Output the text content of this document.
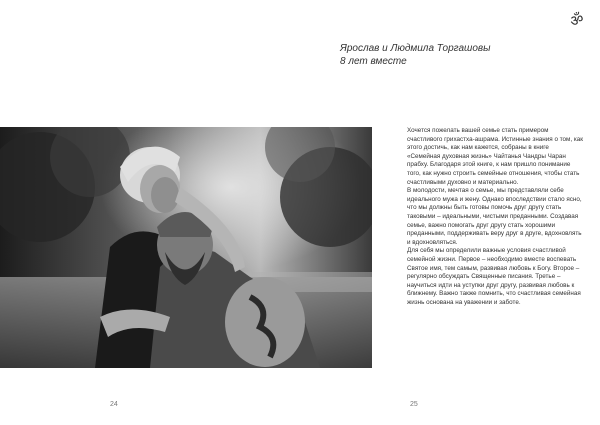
ॐ
Ярослав и Людмила Торгашовы
8 лет вместе

Хочется пожелать вашей семье стать примером счастливого грихастха-ашрама. Истинные знания о том, как этого достичь, как нам кажется, собраны в книге «Семейная духовная жизнь» Чайтанья Чандры Чаран прабху. Благодаря этой книге, к нам пришло понимание того, как нужно строить семейные отношения, чтобы стать счастливыми духовно и материально.

В молодости, мечтая о семье, мы представляли себе идеального мужа и жену. Однако впоследствии стало ясно, что мы должны быть готовы помочь друг другу стать таковыми – идеальными, чистыми преданными. Создавая семье, важно помогать друг другу стать хорошими преданными, поддерживать веру друг в друге, вдохновлять и вдохновляться.

Для себя мы определили важные условия счастливой семейной жизни. Первое – необходимо вместе воспевать Святое имя, тем самым, развивая любовь к Богу. Второе – регулярно обсуждать Священные писания. Третье – научиться идти на уступки друг другу, развивая любовь к ближнему. Важно также помнить, что счастливая семейная жизнь основана на уважении и заботе.

24	25
